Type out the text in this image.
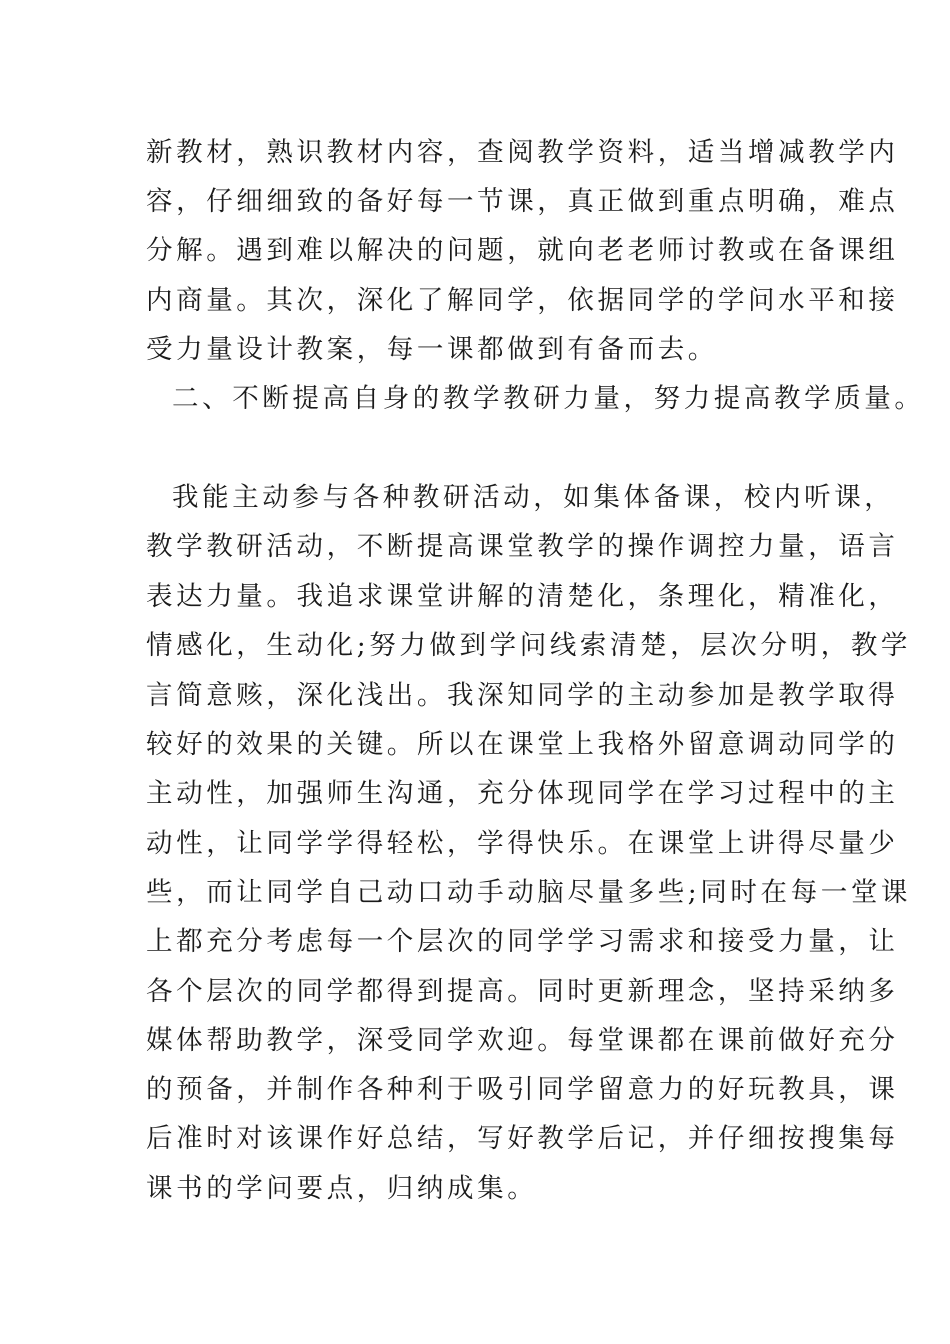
新教材，熟识教材内容，查阅教学资料，适当增减教学内
容，仔细细致的备好每一节课，真正做到重点明确，难点
分解。遇到难以解决的问题，就向老老师讨教或在备课组
内商量。其次，深化了解同学，依据同学的学问水平和接
受力量设计教案，每一课都做到有备而去。
二、不断提高自身的教学教研力量，努力提高教学质量。
我能主动参与各种教研活动，如集体备课，校内听课，
教学教研活动，不断提高课堂教学的操作调控力量，语言
表达力量。我追求课堂讲解的清楚化，条理化，精准化，
情感化，生动化;努力做到学问线索清楚，层次分明，教学
言简意赅，深化浅出。我深知同学的主动参加是教学取得
较好的效果的关键。所以在课堂上我格外留意调动同学的
主动性，加强师生沟通，充分体现同学在学习过程中的主
动性，让同学学得轻松，学得快乐。在课堂上讲得尽量少
些，而让同学自己动口动手动脑尽量多些;同时在每一堂课
上都充分考虑每一个层次的同学学习需求和接受力量，让
各个层次的同学都得到提高。同时更新理念，坚持采纳多
媒体帮助教学，深受同学欢迎。每堂课都在课前做好充分
的预备，并制作各种利于吸引同学留意力的好玩教具，课
后准时对该课作好总结，写好教学后记，并仔细按搜集每
课书的学问要点，归纳成集。
